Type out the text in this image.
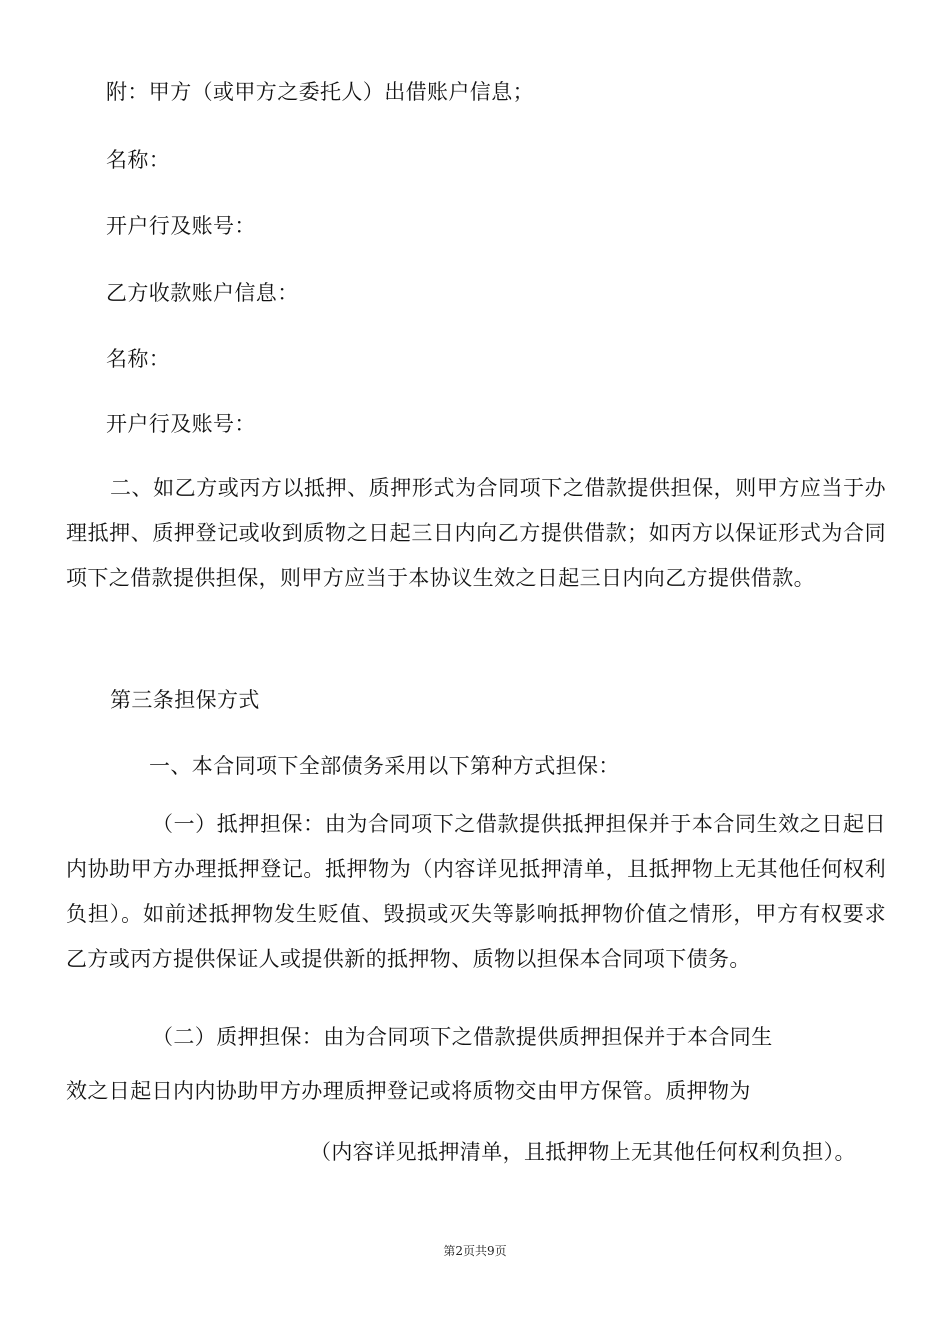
附：甲方（或甲方之委托人）出借账户信息；
名称：
开户行及账号：
乙方收款账户信息：
名称：
开户行及账号：
二、如乙方或丙方以抵押、质押形式为合同项下之借款提供担保，则甲方应当于办理抵押、质押登记或收到质物之日起三日内向乙方提供借款；如丙方以保证形式为合同项下之借款提供担保，则甲方应当于本协议生效之日起三日内向乙方提供借款。
第三条担保方式
一、本合同项下全部债务采用以下第种方式担保：
（一）抵押担保：由为合同项下之借款提供抵押担保并于本合同生效之日起日内协助甲方办理抵押登记。抵押物为（内容详见抵押清单，且抵押物上无其他任何权利负担）。如前述抵押物发生贬值、毁损或灭失等影响抵押物价值之情形，甲方有权要求乙方或丙方提供保证人或提供新的抵押物、质物以担保本合同项下债务。
（二）质押担保：由为合同项下之借款提供质押担保并于本合同生
效之日起日内内协助甲方办理质押登记或将质物交由甲方保管。质押物为
（内容详见抵押清单，且抵押物上无其他任何权利负担）。
第2页共9页
